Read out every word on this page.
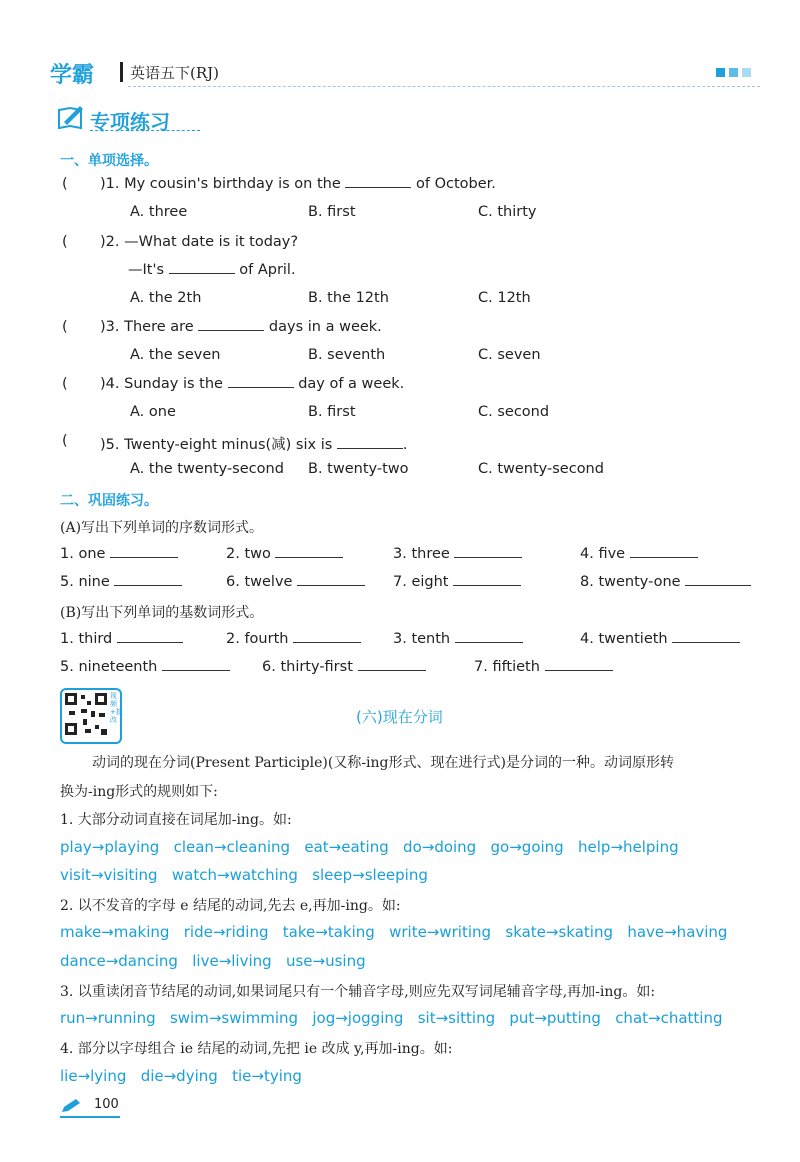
学霸 英语五下(RJ)
专项练习
一、单项选择。
( )1. My cousin's birthday is on the	of October.
A. three	B. first	C. thirty
( )2. —What date is it today?
—It's	of April.
A. the 2th	B. the 12th	C. 12th
( )3. There are	days in a week.
A. the seven	B. seventh	C. seven
( )4. Sunday is the	day of a week.
A. one	B. first	C. second
( )5. Twenty-eight minus(减) six is	.
A. the twenty-second B. twenty-two	C. twenty-second
二、巩固练习。
(A)写出下列单词的序数词形式。
1. one	2. two	3. three	4. five
5. nine	6. twelve	7. eight	8. twenty-one
(B)写出下列单词的基数词形式。
1. third	2. fourth	3. tenth	4. twentieth
5. nineteenth	6. thirty-first	7. fiftieth
视频+批改	(六)现在分词
动词的现在分词(Present Participle)(又称-ing形式、现在进行式)是分词的一种。动词原形转
换为-ing形式的规则如下:
1. 大部分动词直接在词尾加-ing。如:
play→playing clean→cleaning eat→eating do→doing go→going help→helping
visit→visiting watch→watching sleep→sleeping
2. 以不发音的字母 e 结尾的动词,先去 e,再加-ing。如:
make→making ride→riding take→taking write→writing skate→skating have→having
dance→dancing live→living use→using
3. 以重读闭音节结尾的动词,如果词尾只有一个辅音字母,则应先双写词尾辅音字母,再加-ing。如:
run→running swim→swimming jog→jogging sit→sitting put→putting chat→chatting
4. 部分以字母组合 ie 结尾的动词,先把 ie 改成 y,再加-ing。如:
lie→lying die→dying tie→tying
100
